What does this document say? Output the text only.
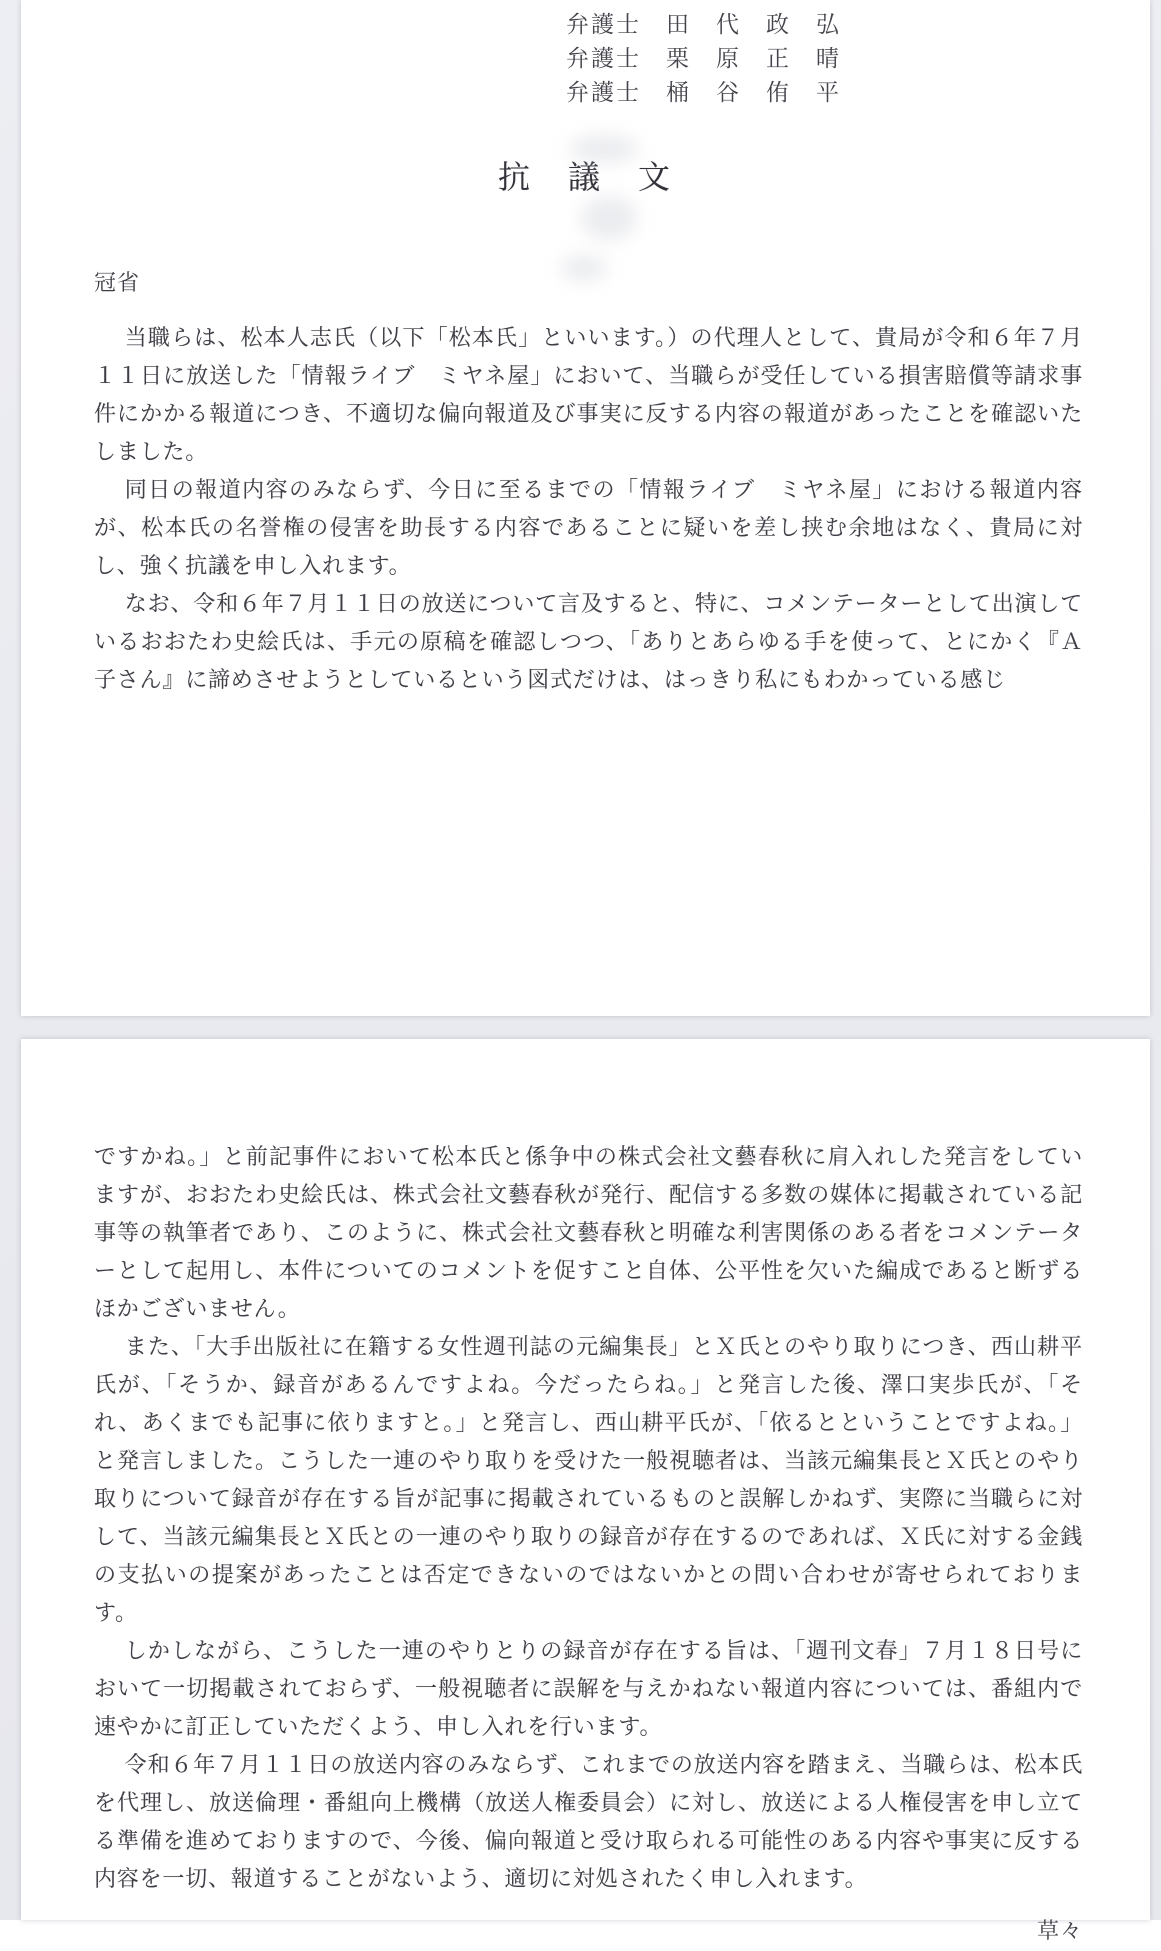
弁護士　田　代　政　弘
弁護士　栗　原　正　晴
弁護士　桶　谷　侑　平
抗　議　文
冠省

当職らは、松本人志氏（以下「松本氏」といいます。）の代理人として、貴局が令和６年７月１１日に放送した「情報ライブ　ミヤネ屋」において、当職らが受任している損害賠償等請求事件にかかる報道につき、不適切な偏向報道及び事実に反する内容の報道があったことを確認いたしました。

同日の報道内容のみならず、今日に至るまでの「情報ライブ　ミヤネ屋」における報道内容が、松本氏の名誉権の侵害を助長する内容であることに疑いを差し挟む余地はなく、貴局に対し、強く抗議を申し入れます。

なお、令和６年７月１１日の放送について言及すると、特に、コメンテーターとして出演しているおおたわ史絵氏は、手元の原稿を確認しつつ、「ありとあらゆる手を使って、とにかく『Ａ子さん』に諦めさせようとしているという図式だけは、はっきり私にもわかっている感じ

ですかね。」と前記事件において松本氏と係争中の株式会社文藝春秋に肩入れした発言をしていますが、おおたわ史絵氏は、株式会社文藝春秋が発行、配信する多数の媒体に掲載されている記事等の執筆者であり、このように、株式会社文藝春秋と明確な利害関係のある者をコメンテーターとして起用し、本件についてのコメントを促すこと自体、公平性を欠いた編成であると断ずるほかございません。

また、「大手出版社に在籍する女性週刊誌の元編集長」とＸ氏とのやり取りにつき、西山耕平氏が、「そうか、録音があるんですよね。今だったらね。」と発言した後、澤口実歩氏が、「それ、あくまでも記事に依りますと。」と発言し、西山耕平氏が、「依るとということですよね。」と発言しました。こうした一連のやり取りを受けた一般視聴者は、当該元編集長とＸ氏とのやり取りについて録音が存在する旨が記事に掲載されているものと誤解しかねず、実際に当職らに対して、当該元編集長とＸ氏との一連のやり取りの録音が存在するのであれば、Ｘ氏に対する金銭の支払いの提案があったことは否定できないのではないかとの問い合わせが寄せられております。

しかしながら、こうした一連のやりとりの録音が存在する旨は、「週刊文春」７月１８日号において一切掲載されておらず、一般視聴者に誤解を与えかねない報道内容については、番組内で速やかに訂正していただくよう、申し入れを行います。

令和６年７月１１日の放送内容のみならず、これまでの放送内容を踏まえ、当職らは、松本氏を代理し、放送倫理・番組向上機構（放送人権委員会）に対し、放送による人権侵害を申し立てる準備を進めておりますので、今後、偏向報道と受け取られる可能性のある内容や事実に反する内容を一切、報道することがないよう、適切に対処されたく申し入れます。

草々
